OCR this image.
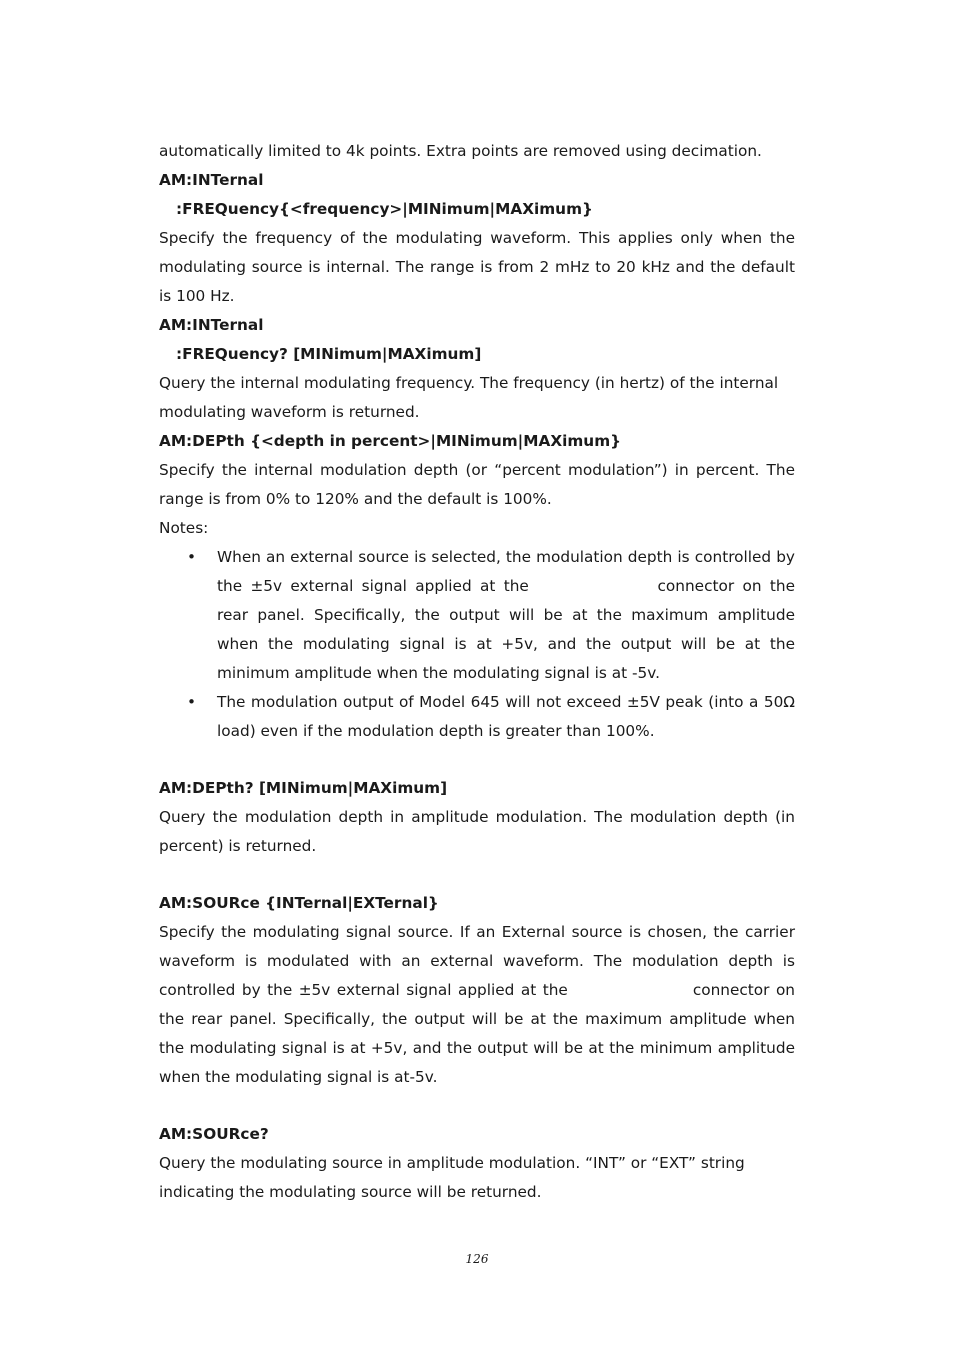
automatically limited to 4k points. Extra points are removed using decimation.

AM:INTernal

:FREQuency{<frequency>|MINimum|MAXimum}

Specify the frequency of the modulating waveform. This applies only when the modulating source is internal. The range is from 2 mHz to 20 kHz and the default is 100 Hz.

AM:INTernal

:FREQuency? [MINimum|MAXimum]

Query the internal modulating frequency. The frequency (in hertz) of the internal modulating waveform is returned.

AM:DEPth {<depth in percent>|MINimum|MAXimum}

Specify the internal modulation depth (or “percent modulation”) in percent. The range is from 0% to 120% and the default is 100%.

Notes:

• When an external source is selected, the modulation depth is controlled by the ±5v external signal applied at the	connector on the rear panel. Specifically, the output will be at the maximum amplitude when the modulating signal is at +5v, and the output will be at the minimum amplitude when the modulating signal is at -5v.
• The modulation output of Model 645 will not exceed ±5V peak (into a 50Ω load) even if the modulation depth is greater than 100%.

AM:DEPth? [MINimum|MAXimum]

Query the modulation depth in amplitude modulation. The modulation depth (in percent) is returned.

AM:SOURce {INTernal|EXTernal}

Specify the modulating signal source. If an External source is chosen, the carrier waveform is modulated with an external waveform. The modulation depth is controlled by the ±5v external signal applied at the	connector on the rear panel. Specifically, the output will be at the maximum amplitude when the modulating signal is at +5v, and the output will be at the minimum amplitude when the modulating signal is at-5v.

AM:SOURce?

Query the modulating source in amplitude modulation. “INT” or “EXT” string indicating the modulating source will be returned.

126
